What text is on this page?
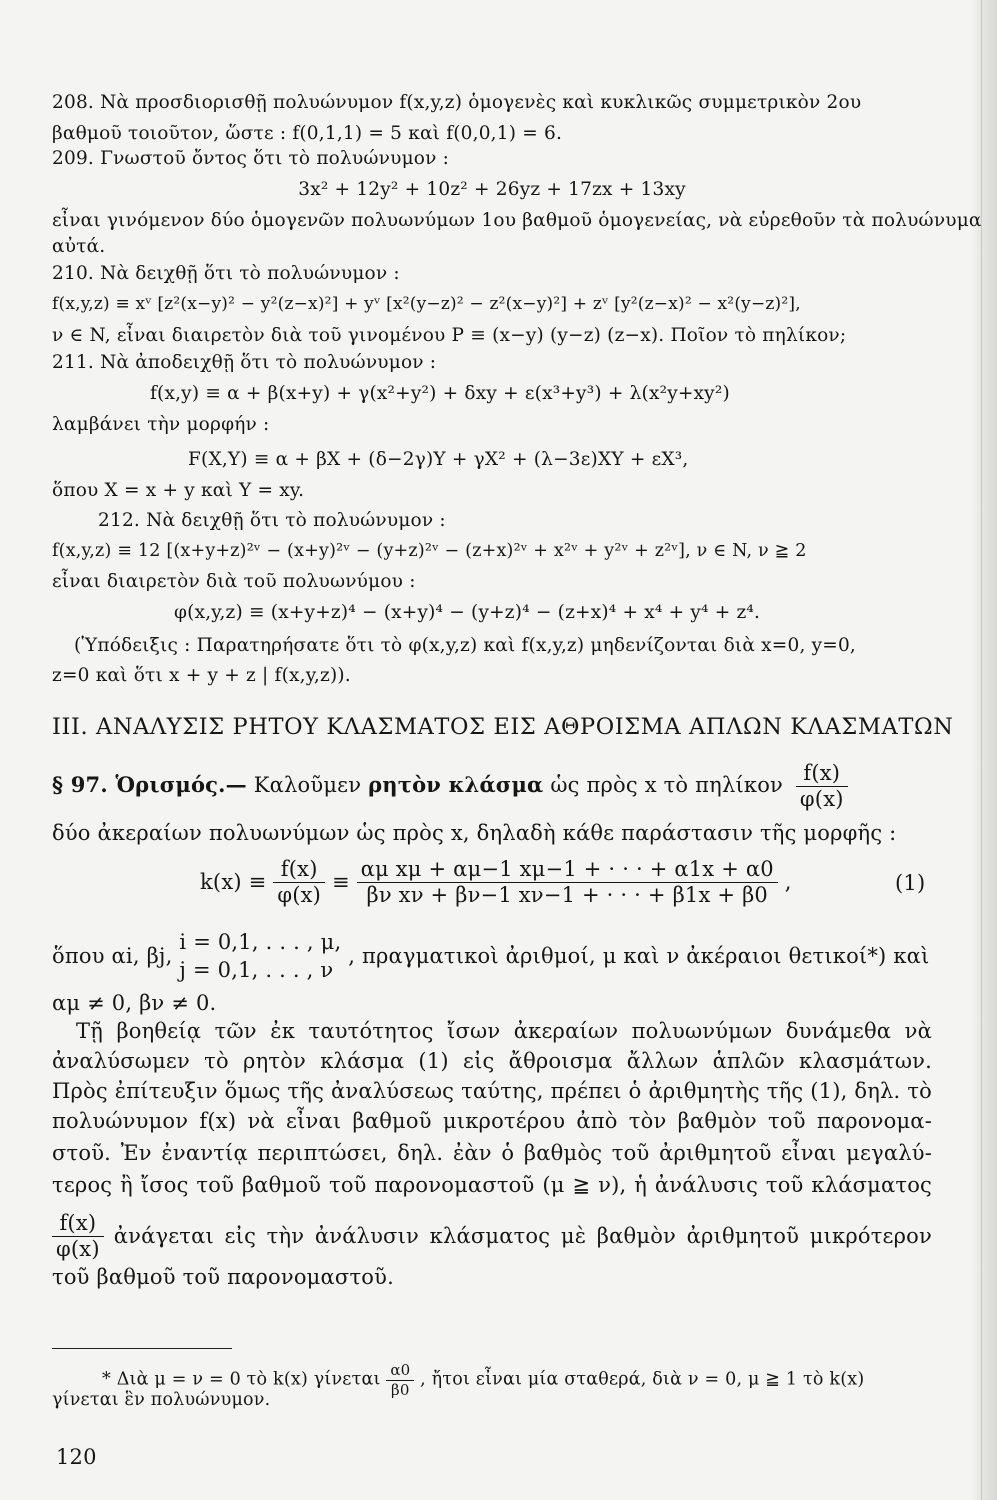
208. Νὰ προσδιορισθῇ πολυώνυμον f(x,y,z) ὁμογενὲς καὶ κυκλικῶς συμμετρικὸν 2ου
βαθμοῦ τοιοῦτον, ὥστε : f(0,1,1) = 5 καὶ f(0,0,1) = 6.
209. Γνωστοῦ ὄντος ὅτι τὸ πολυώνυμον :
3x² + 12y² + 10z² + 26yz + 17zx + 13xy
εἶναι γινόμενον δύο ὁμογενῶν πολυωνύμων 1ου βαθμοῦ ὁμογενείας, νὰ εὑρεθοῦν τὰ πολυώνυμα
αὐτά.
210. Νὰ δειχθῇ ὅτι τὸ πολυώνυμον :
f(x,y,z) ≡ xᵛ [z²(x−y)² − y²(z−x)²] + yᵛ [x²(y−z)² − z²(x−y)²] + zᵛ [y²(z−x)² − x²(y−z)²],
ν ∈ N, εἶναι διαιρετὸν διὰ τοῦ γινομένου P ≡ (x−y) (y−z) (z−x). Ποῖον τὸ πηλίκον;
211. Νὰ ἀποδειχθῇ ὅτι τὸ πολυώνυμον :
f(x,y) ≡ α + β(x+y) + γ(x²+y²) + δxy + ε(x³+y³) + λ(x²y+xy²)
λαμβάνει τὴν μορφήν :
F(X,Y) ≡ α + βX + (δ−2γ)Y + γX² + (λ−3ε)XY + εX³,
ὅπου X = x + y καὶ Y = xy.
212. Νὰ δειχθῇ ὅτι τὸ πολυώνυμον :
f(x,y,z) ≡ 12 [(x+y+z)²ᵛ − (x+y)²ᵛ − (y+z)²ᵛ − (z+x)²ᵛ + x²ᵛ + y²ᵛ + z²ᵛ], ν ∈ N, ν ≧ 2
εἶναι διαιρετὸν διὰ τοῦ πολυωνύμου :
φ(x,y,z) ≡ (x+y+z)⁴ − (x+y)⁴ − (y+z)⁴ − (z+x)⁴ + x⁴ + y⁴ + z⁴.
(Ὑπόδειξις : Παρατηρήσατε ὅτι τὸ φ(x,y,z) καὶ f(x,y,z) μηδενίζονται διὰ x=0, y=0,
z=0 καὶ ὅτι x + y + z | f(x,y,z)).
III. ΑΝΑΛΥΣΙΣ ΡΗΤΟΥ ΚΛΑΣΜΑΤΟΣ ΕΙΣ ΑΘΡΟΙΣΜΑ ΑΠΛΩΝ ΚΛΑΣΜΑΤΩΝ
§ 97. Ὁρισμός.— Καλοῦμεν ρητὸν κλάσμα ὡς πρὸς x τὸ πηλίκον $\frac{f(x)}{\varphi(x)}$
δύο ἀκεραίων πολυωνύμων ὡς πρὸς x, δηλαδὴ κάθε παράστασιν τῆς μορφῆς :
$k(x) \equiv \frac{f(x)}{\varphi(x)} \equiv \frac{\text{αμ xμ + αμ−1 xμ−1 + · · · + α1x + α0}}{\text{βν xν + βν−1 xν−1 + · · · + β1x + β0}}$ ,	(1)
ὅπου αi, βj,
i = 0,1, . . . , μ,
j = 0,1, . . . , ν
, πραγματικοὶ ἀριθμοί, μ καὶ ν ἀκέραιοι θετικοί*) καὶ
αμ ≠ 0, βν ≠ 0.
Τῇ βοηθείᾳ τῶν ἐκ ταυτότητος ἴσων ἀκεραίων πολυωνύμων δυνάμεθα νὰ
ἀναλύσωμεν τὸ ρητὸν κλάσμα (1) εἰς ἄθροισμα ἄλλων ἁπλῶν κλασμάτων.
Πρὸς ἐπίτευξιν ὅμως τῆς ἀναλύσεως ταύτης, πρέπει ὁ ἀριθμητὴς τῆς (1), δηλ. τὸ
πολυώνυμον f(x) νὰ εἶναι βαθμοῦ μικροτέρου ἀπὸ τὸν βαθμὸν τοῦ παρονομα-
στοῦ. Ἐν ἐναντίᾳ περιπτώσει, δηλ. ἐὰν ὁ βαθμὸς τοῦ ἀριθμητοῦ εἶναι μεγαλύ-
τερος ἢ ἴσος τοῦ βαθμοῦ τοῦ παρονομαστοῦ (μ ≧ ν), ἡ ἀνάλυσις τοῦ κλάσματος
$\frac{f(x)}{\varphi(x)}$ ἀνάγεται εἰς τὴν ἀνάλυσιν κλάσματος μὲ βαθμὸν ἀριθμητοῦ μικρότερον
τοῦ βαθμοῦ τοῦ παρονομαστοῦ.
* Διὰ μ = ν = 0 τὸ k(x) γίνεται $\frac{\alpha 0}{\beta 0}$ , ἤτοι εἶναι μία σταθερά, διὰ ν = 0, μ ≧ 1 τὸ k(x)
γίνεται ἓν πολυώνυμον.
120
